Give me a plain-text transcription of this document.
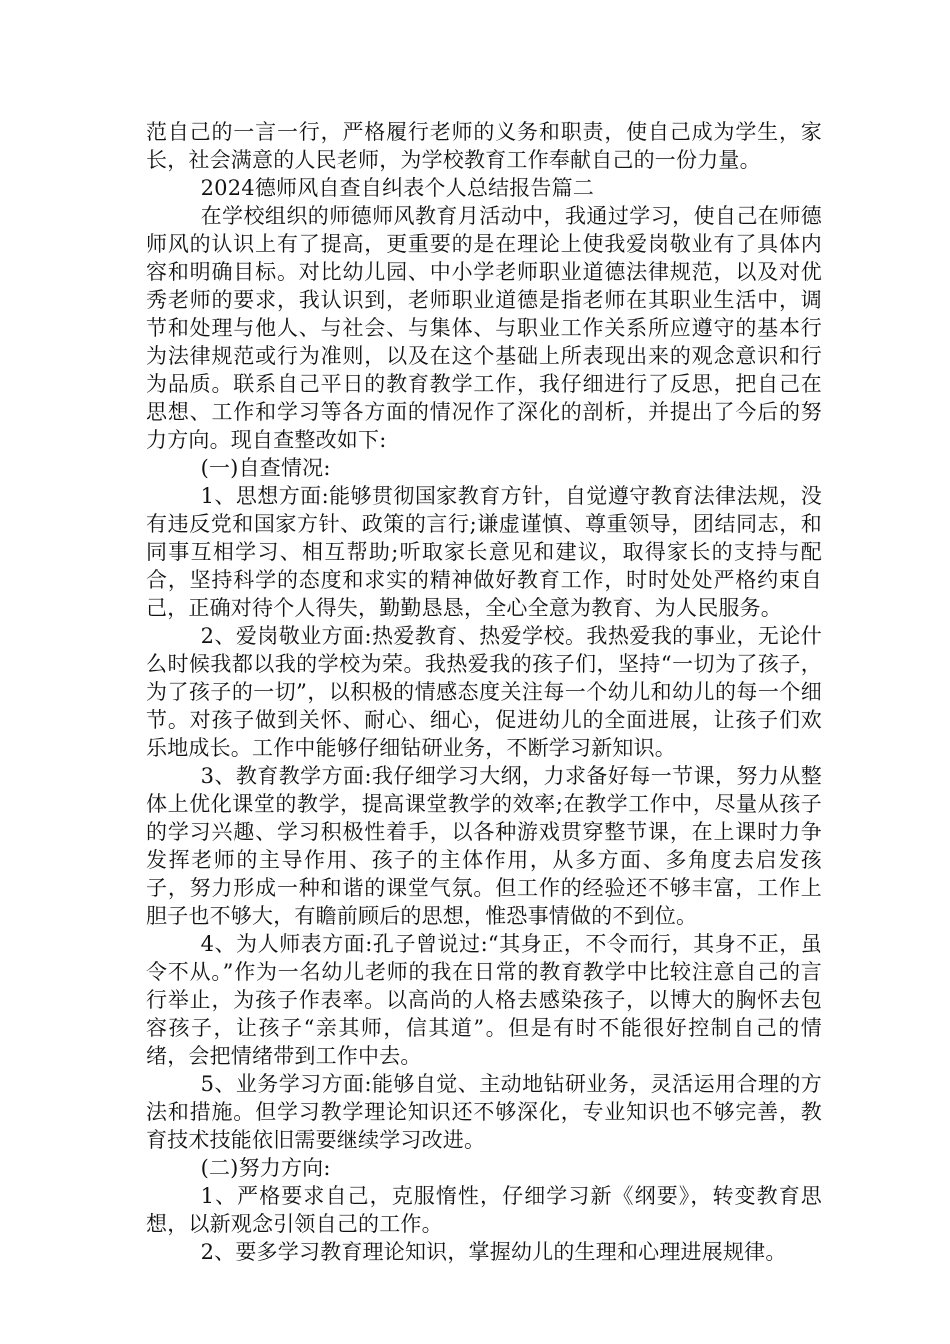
范自己的一言一行，严格履行老师的义务和职责，使自己成为学生，家长，社会满意的人民老师，为学校教育工作奉献自己的一份力量。

2024德师风自查自纠表个人总结报告篇二

在学校组织的师德师风教育月活动中，我通过学习，使自己在师德师风的认识上有了提高，更重要的是在理论上使我爱岗敬业有了具体内容和明确目标。对比幼儿园、中小学老师职业道德法律规范，以及对优秀老师的要求，我认识到，老师职业道德是指老师在其职业生活中，调节和处理与他人、与社会、与集体、与职业工作关系所应遵守的基本行为法律规范或行为准则，以及在这个基础上所表现出来的观念意识和行为品质。联系自己平日的教育教学工作，我仔细进行了反思，把自己在思想、工作和学习等各方面的情况作了深化的剖析，并提出了今后的努力方向。现自查整改如下:

(一)自查情况:

1、思想方面:能够贯彻国家教育方针，自觉遵守教育法律法规，没有违反党和国家方针、政策的言行;谦虚谨慎、尊重领导，团结同志，和同事互相学习、相互帮助;听取家长意见和建议，取得家长的支持与配合，坚持科学的态度和求实的精神做好教育工作，时时处处严格约束自己，正确对待个人得失，勤勤恳恳，全心全意为教育、为人民服务。

2、爱岗敬业方面:热爱教育、热爱学校。我热爱我的事业，无论什么时候我都以我的学校为荣。我热爱我的孩子们，坚持“一切为了孩子，为了孩子的一切”，以积极的情感态度关注每一个幼儿和幼儿的每一个细节。对孩子做到关怀、耐心、细心，促进幼儿的全面进展，让孩子们欢乐地成长。工作中能够仔细钻研业务，不断学习新知识。

3、教育教学方面:我仔细学习大纲，力求备好每一节课，努力从整体上优化课堂的教学，提高课堂教学的效率;在教学工作中，尽量从孩子的学习兴趣、学习积极性着手，以各种游戏贯穿整节课，在上课时力争发挥老师的主导作用、孩子的主体作用，从多方面、多角度去启发孩子，努力形成一种和谐的课堂气氛。但工作的经验还不够丰富，工作上胆子也不够大，有瞻前顾后的思想，惟恐事情做的不到位。

4、为人师表方面:孔子曾说过:“其身正，不令而行，其身不正，虽令不从。”作为一名幼儿老师的我在日常的教育教学中比较注意自己的言行举止，为孩子作表率。以高尚的人格去感染孩子，以博大的胸怀去包容孩子，让孩子“亲其师，信其道”。但是有时不能很好控制自己的情绪，会把情绪带到工作中去。

5、业务学习方面:能够自觉、主动地钻研业务，灵活运用合理的方法和措施。但学习教学理论知识还不够深化，专业知识也不够完善，教育技术技能依旧需要继续学习改进。

(二)努力方向:

1、严格要求自己，克服惰性，仔细学习新《纲要》，转变教育思想，以新观念引领自己的工作。

2、要多学习教育理论知识，掌握幼儿的生理和心理进展规律。
